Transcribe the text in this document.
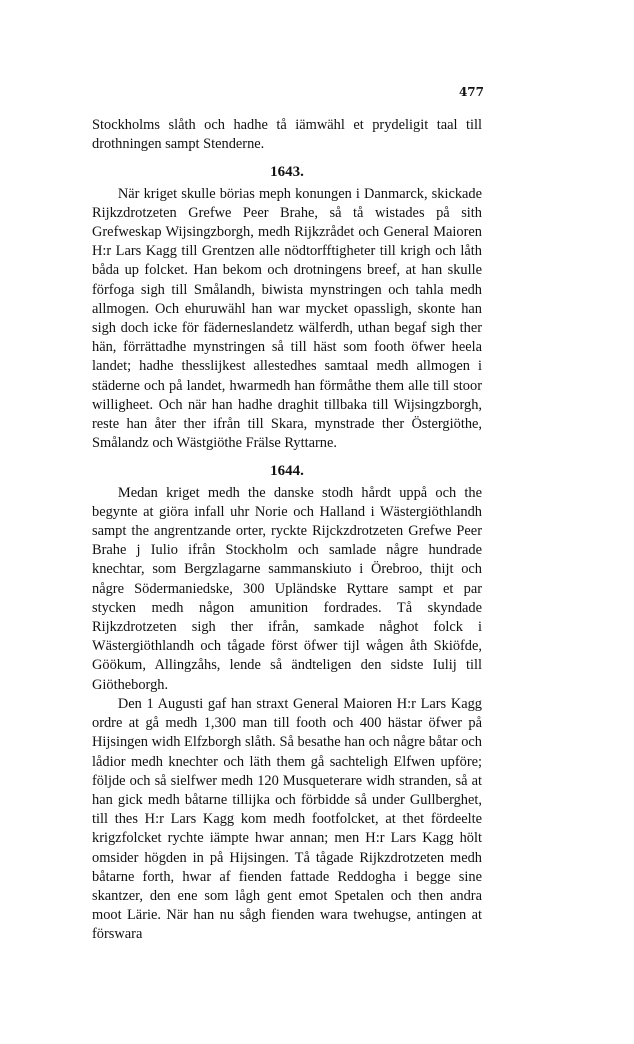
477

Stockholms slåth och hadhe tå iämwähl et prydeligit taal till drothningen sampt Stenderne.

1643.

När kriget skulle börias meph konungen i Danmarck, skickade Rijkzdrotzeten Grefwe Peer Brahe, så tå wistades på sith Grefweskap Wijsingzborgh, medh Rijkzrådet och General Maioren H:r Lars Kagg till Grentzen alle nödtorfftigheter till krigh och låth båda up folcket. Han bekom och drotningens breef, at han skulle förfoga sigh till Smålandh, biwista mynstringen och tahla medh allmogen. Och ehuruwähl han war mycket opassligh, skonte han sigh doch icke för fäderneslandetz wälferdh, uthan begaf sigh ther hän, förrättadhe mynstringen så till häst som footh öfwer heela landet; hadhe thesslijkest allestedhes samtaal medh allmogen i städerne och på landet, hwarmedh han förmåthe them alle till stoor willigheet. Och när han hadhe draghit tillbaka till Wijsingzborgh, reste han åter ther ifrån till Skara, mynstrade ther Östergiöthe, Smålandz och Wästgiöthe Frälse Ryttarne.

1644.

Medan kriget medh the danske stodh hårdt uppå och the begynte at giöra infall uhr Norie och Halland i Wästergiöthlandh sampt the angrentzande orter, ryckte Rijckzdrotzeten Grefwe Peer Brahe j Iulio ifrån Stockholm och samlade någre hundrade knechtar, som Bergzlagarne sammanskiuto i Örebroo, thijt och någre Södermaniedske, 300 Upländske Ryttare sampt et par stycken medh någon amunition fordrades. Tå skyndade Rijkzdrotzeten sigh ther ifrån, samkade någhot folck i Wästergiöthlandh och tågade först öfwer tijl wågen åth Skiöfde, Göökum, Allingzåhs, lende så ändteligen den sidste Iulij till Giötheborgh.

Den 1 Augusti gaf han straxt General Maioren H:r Lars Kagg ordre at gå medh 1,300 man till footh och 400 hästar öfwer på Hijsingen widh Elfzborgh slåth. Så besathe han och någre båtar och lådior medh knechter och läth them gå sachteligh Elfwen upföre; följde och så sielfwer medh 120 Musqueterare widh stranden, så at han gick medh båtarne tillijka och förbidde så under Gullberghet, till thes H:r Lars Kagg kom medh footfolcket, at thet fördeelte krigzfolcket rychte iämpte hwar annan; men H:r Lars Kagg hölt omsider högden in på Hijsingen. Tå tågade Rijkzdrotzeten medh båtarne forth, hwar af fienden fattade Reddogha i begge sine skantzer, den ene som lågh gent emot Spetalen och then andra moot Lärie. När han nu sågh fienden wara twehugse, antingen at förswara
